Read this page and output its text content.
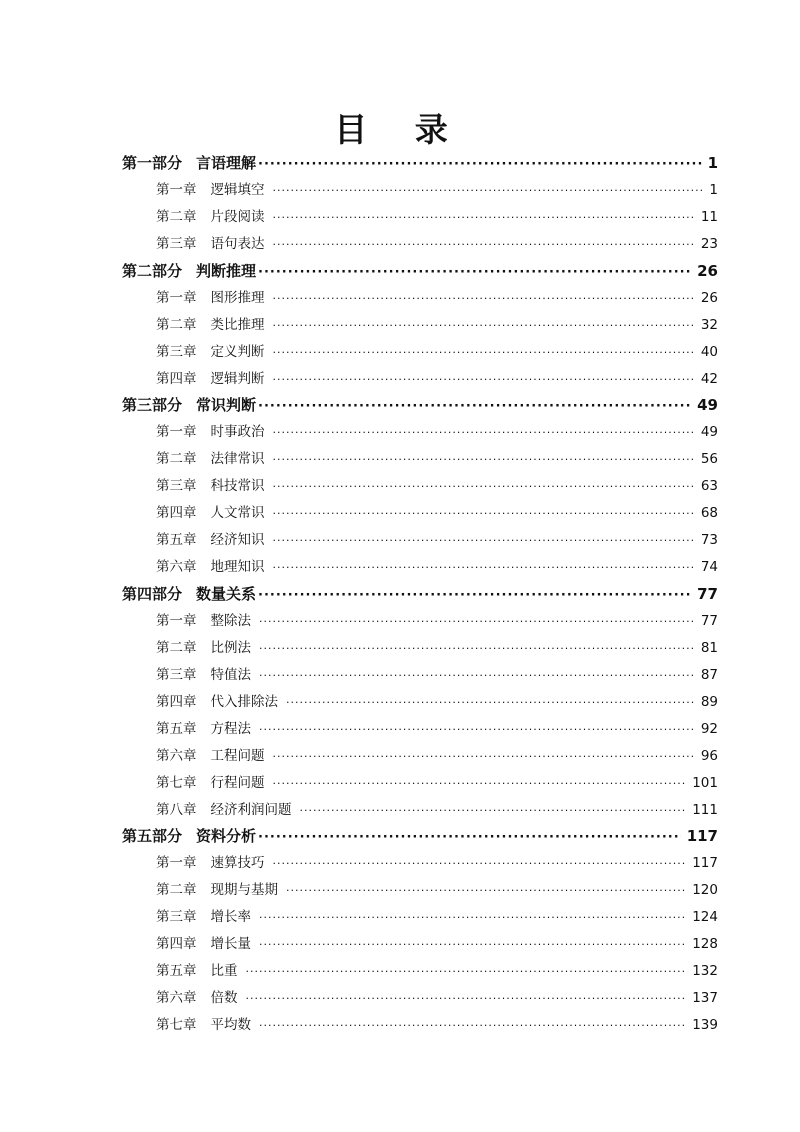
目 录
第一部分 言语理解 ·····	1
第一章 逻辑填空 ·····	1
第二章 片段阅读 ·····	11
第三章 语句表达 ·····	23
第二部分 判断推理 ·····	26
第一章 图形推理 ·····	26
第二章 类比推理 ·····	32
第三章 定义判断 ·····	40
第四章 逻辑判断 ·····	42
第三部分 常识判断 ·····	49
第一章 时事政治 ·····	49
第二章 法律常识 ·····	56
第三章 科技常识 ·····	63
第四章 人文常识 ·····	68
第五章 经济知识 ·····	73
第六章 地理知识 ·····	74
第四部分 数量关系 ·····	77
第一章 整除法 ·····	77
第二章 比例法 ·····	81
第三章 特值法 ·····	87
第四章 代入排除法 ·····	89
第五章 方程法 ·····	92
第六章 工程问题 ·····	96
第七章 行程问题 ·····	101
第八章 经济利润问题 ·····	111
第五部分 资料分析 ·····	117
第一章 速算技巧 ·····	117
第二章 现期与基期 ·····	120
第三章 增长率 ·····	124
第四章 增长量 ·····	128
第五章 比重 ·····	132
第六章 倍数 ·····	137
第七章 平均数 ·····	139
